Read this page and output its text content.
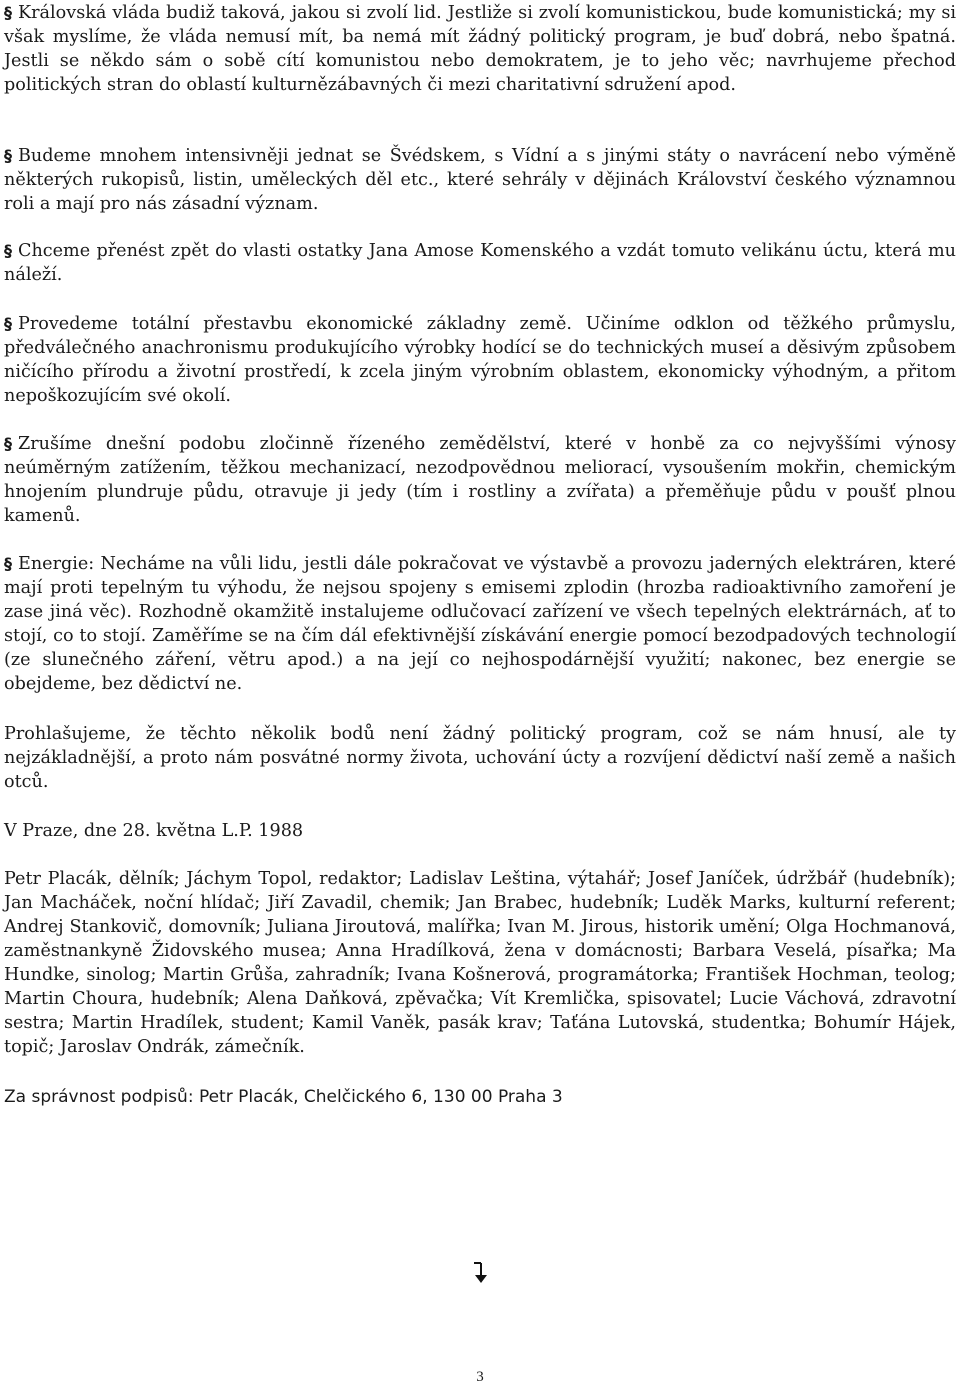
§ Královská vláda budiž taková, jakou si zvolí lid. Jestliže si zvolí komunistickou, bude komunistická; my si však myslíme, že vláda nemusí mít, ba nemá mít žádný politický program, je buď dobrá, nebo špatná. Jestli se někdo sám o sobě cítí komunistou nebo demokratem, je to jeho věc; navrhujeme přechod politických stran do oblastí kulturnězábavných či mezi charitativní sdružení apod.

§ Budeme mnohem intensivněji jednat se Švédskem, s Vídní a s jinými státy o navrácení nebo výměně některých rukopisů, listin, uměleckých děl etc., které sehrály v dějinách Království českého významnou roli a mají pro nás zásadní význam.

§ Chceme přenést zpět do vlasti ostatky Jana Amose Komenského a vzdát tomuto velikánu úctu, která mu náleží.

§ Provedeme totální přestavbu ekonomické základny země. Učiníme odklon od těžkého průmyslu, předválečného anachronismu produkujícího výrobky hodící se do technických museí a děsivým způsobem ničícího přírodu a životní prostředí, k zcela jiným výrobním oblastem, ekonomicky výhodným, a přitom nepoškozujícím své okolí.

§ Zrušíme dnešní podobu zločinně řízeného zemědělství, které v honbě za co nejvyššími výnosy neúměrným zatížením, těžkou mechanizací, nezodpovědnou meliorací, vysoušením mokřin, chemickým hnojením plundruje půdu, otravuje ji jedy (tím i rostliny a zvířata) a přeměňuje půdu v poušť plnou kamenů.

§ Energie: Necháme na vůli lidu, jestli dále pokračovat ve výstavbě a provozu jaderných elektráren, které mají proti tepelným tu výhodu, že nejsou spojeny s emisemi zplodin (hrozba radioaktivního zamoření je zase jiná věc). Rozhodně okamžitě instalujeme odlučovací zařízení ve všech tepelných elektrárnách, ať to stojí, co to stojí. Zaměříme se na čím dál efektivnější získávání energie pomocí bezodpadových technologií (ze slunečného záření, větru apod.) a na její co nejhospodárnější využití; nakonec, bez energie se obejdeme, bez dědictví ne.

Prohlašujeme, že těchto několik bodů není žádný politický program, což se nám hnusí, ale ty nejzákladnější, a proto nám posvátné normy života, uchování úcty a rozvíjení dědictví naší země a našich otců.

V Praze, dne 28. května L.P. 1988

Petr Placák, dělník; Jáchym Topol, redaktor; Ladislav Leština, výtahář; Josef Janíček, údržbář (hudebník); Jan Macháček, noční hlídač; Jiří Zavadil, chemik; Jan Brabec, hudebník; Luděk Marks, kulturní referent; Andrej Stankovič, domovník; Juliana Jiroutová, malířka; Ivan M. Jirous, historik umění; Olga Hochmanová, zaměstnankyně Židovského musea; Anna Hradílková, žena v domácnosti; Barbara Veselá, písařka; Ma Hundke, sinolog; Martin Grůša, zahradník; Ivana Košnerová, programátorka; František Hochman, teolog; Martin Choura, hudebník; Alena Daňková, zpěvačka; Vít Kremlička, spisovatel; Lucie Váchová, zdravotní sestra; Martin Hradílek, student; Kamil Vaněk, pasák krav; Taťána Lutovská, studentka; Bohumír Hájek, topič; Jaroslav Ondrák, zámečník.

Za správnost podpisů: Petr Placák, Chelčického 6, 130 00 Praha 3

3
